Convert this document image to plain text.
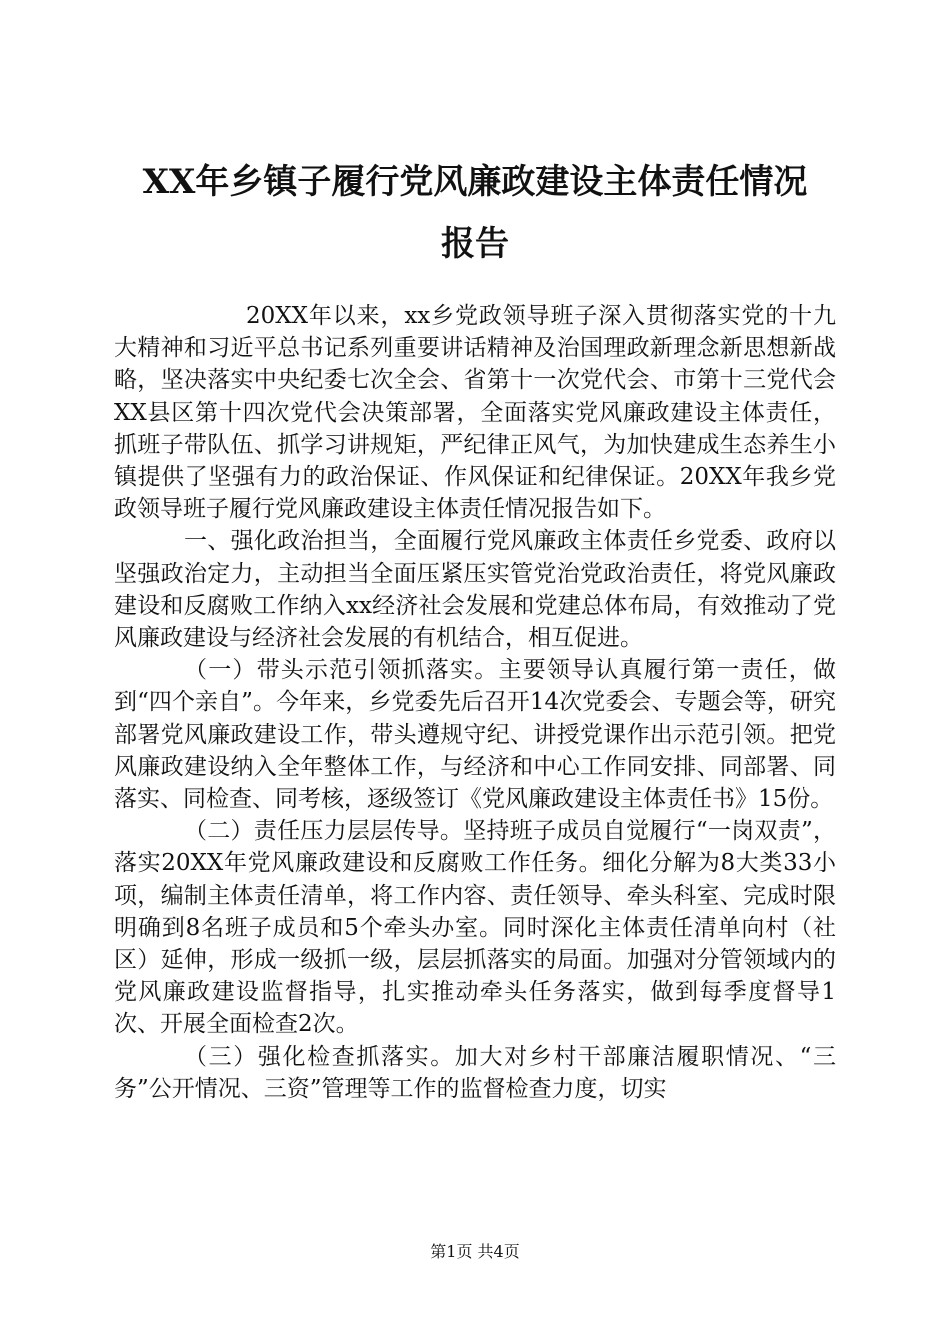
XX年乡镇子履行党风廉政建设主体责任情况
报告

20XX年以来，xx乡党政领导班子深入贯彻落实党的十九大精神和习近平总书记系列重要讲话精神及治国理政新理念新思想新战略，坚决落实中央纪委七次全会、省第十一次党代会、市第十三党代会XX县区第十四次党代会决策部署，全面落实党风廉政建设主体责任，抓班子带队伍、抓学习讲规矩，严纪律正风气，为加快建成生态养生小镇提供了坚强有力的政治保证、作风保证和纪律保证。20XX年我乡党政领导班子履行党风廉政建设主体责任情况报告如下。

一、强化政治担当，全面履行党风廉政主体责任乡党委、政府以坚强政治定力，主动担当全面压紧压实管党治党政治责任，将党风廉政建设和反腐败工作纳入xx经济社会发展和党建总体布局，有效推动了党风廉政建设与经济社会发展的有机结合，相互促进。

（一）带头示范引领抓落实。主要领导认真履行第一责任，做到“四个亲自”。今年来，乡党委先后召开14次党委会、专题会等，研究部署党风廉政建设工作，带头遵规守纪、讲授党课作出示范引领。把党风廉政建设纳入全年整体工作，与经济和中心工作同安排、同部署、同落实、同检查、同考核，逐级签订《党风廉政建设主体责任书》15份。

（二）责任压力层层传导。坚持班子成员自觉履行“一岗双责”，落实20XX年党风廉政建设和反腐败工作任务。细化分解为8大类33小项，编制主体责任清单，将工作内容、责任领导、牵头科室、完成时限明确到8名班子成员和5个牵头办室。同时深化主体责任清单向村（社区）延伸，形成一级抓一级，层层抓落实的局面。加强对分管领域内的党风廉政建设监督指导，扎实推动牵头任务落实，做到每季度督导1次、开展全面检查2次。

（三）强化检查抓落实。加大对乡村干部廉洁履职情况、“三务”公开情况、三资”管理等工作的监督检查力度，切实

第1页 共4页
